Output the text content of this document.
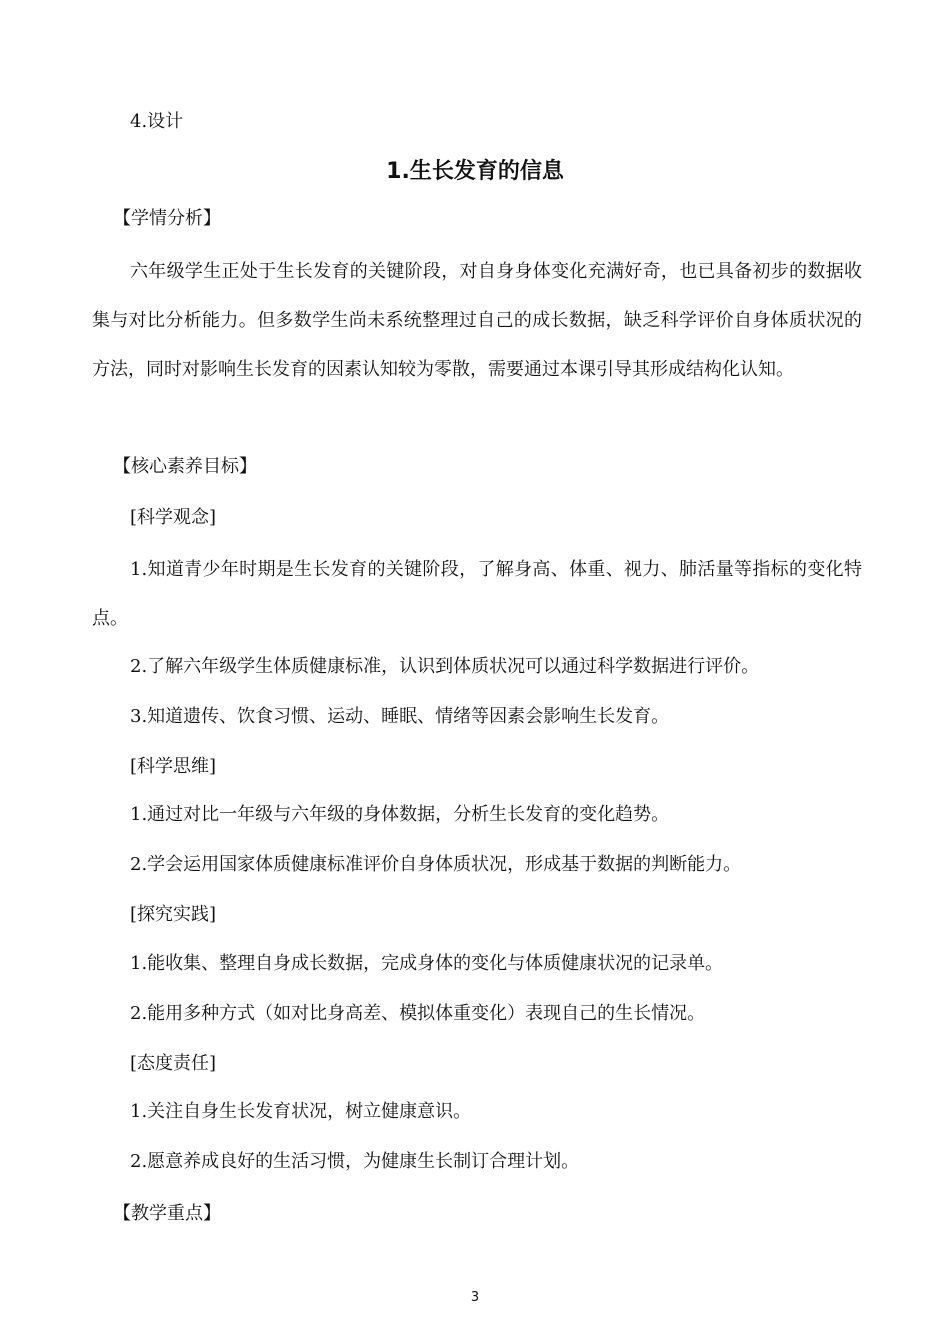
4.设计
1.生长发育的信息
【学情分析】

六年级学生正处于生长发育的关键阶段，对自身身体变化充满好奇，也已具备初步的数据收集与对比分析能力。但多数学生尚未系统整理过自己的成长数据，缺乏科学评价自身体质状况的方法，同时对影响生长发育的因素认知较为零散，需要通过本课引导其形成结构化认知。

【核心素养目标】
[科学观念]

1.知道青少年时期是生长发育的关键阶段，了解身高、体重、视力、肺活量等指标的变化特点。

2.了解六年级学生体质健康标准，认识到体质状况可以通过科学数据进行评价。
3.知道遗传、饮食习惯、运动、睡眠、情绪等因素会影响生长发育。
[科学思维]
1.通过对比一年级与六年级的身体数据，分析生长发育的变化趋势。
2.学会运用国家体质健康标准评价自身体质状况，形成基于数据的判断能力。
[探究实践]
1.能收集、整理自身成长数据，完成身体的变化与体质健康状况的记录单。
2.能用多种方式（如对比身高差、模拟体重变化）表现自己的生长情况。
[态度责任]
1.关注自身生长发育状况，树立健康意识。
2.愿意养成良好的生活习惯，为健康生长制订合理计划。
【教学重点】
3
